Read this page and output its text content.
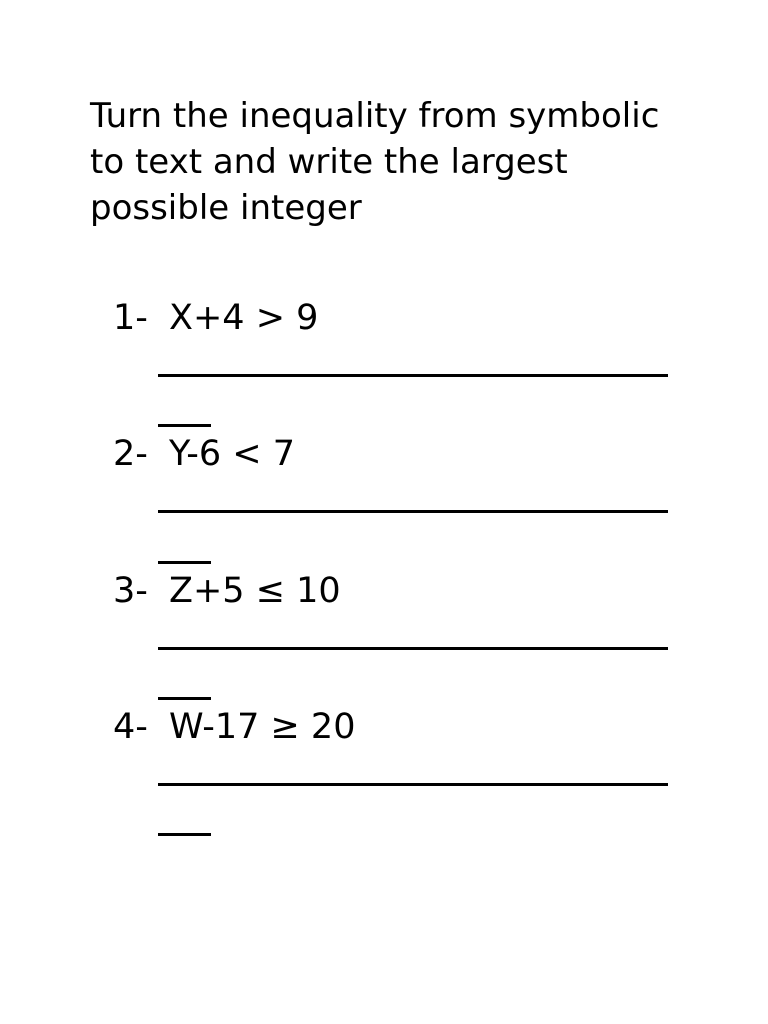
Turn the inequality from symbolic to text and write the largest possible integer
1- X+4 > 9
2- Y-6 < 7
3- Z+5 ≤ 10
4- W-17 ≥ 20
